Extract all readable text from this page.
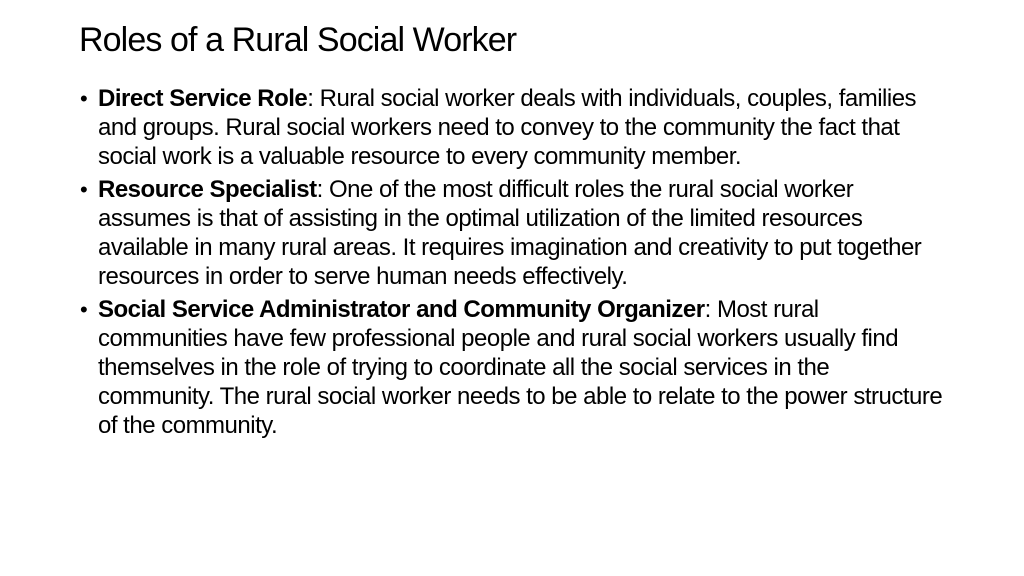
Roles of a Rural Social Worker
• Direct Service Role: Rural social worker deals with individuals, couples, families and groups. Rural social workers need to convey to the community the fact that social work is a valuable resource to every community member.
• Resource Specialist: One of the most difficult roles the rural social worker assumes is that of assisting in the optimal utilization of the limited resources available in many rural areas. It requires imagination and creativity to put together resources in order to serve human needs effectively.
• Social Service Administrator and Community Organizer: Most rural communities have few professional people and rural social workers usually find themselves in the role of trying to coordinate all the social services in the community. The rural social worker needs to be able to relate to the power structure of the community.
